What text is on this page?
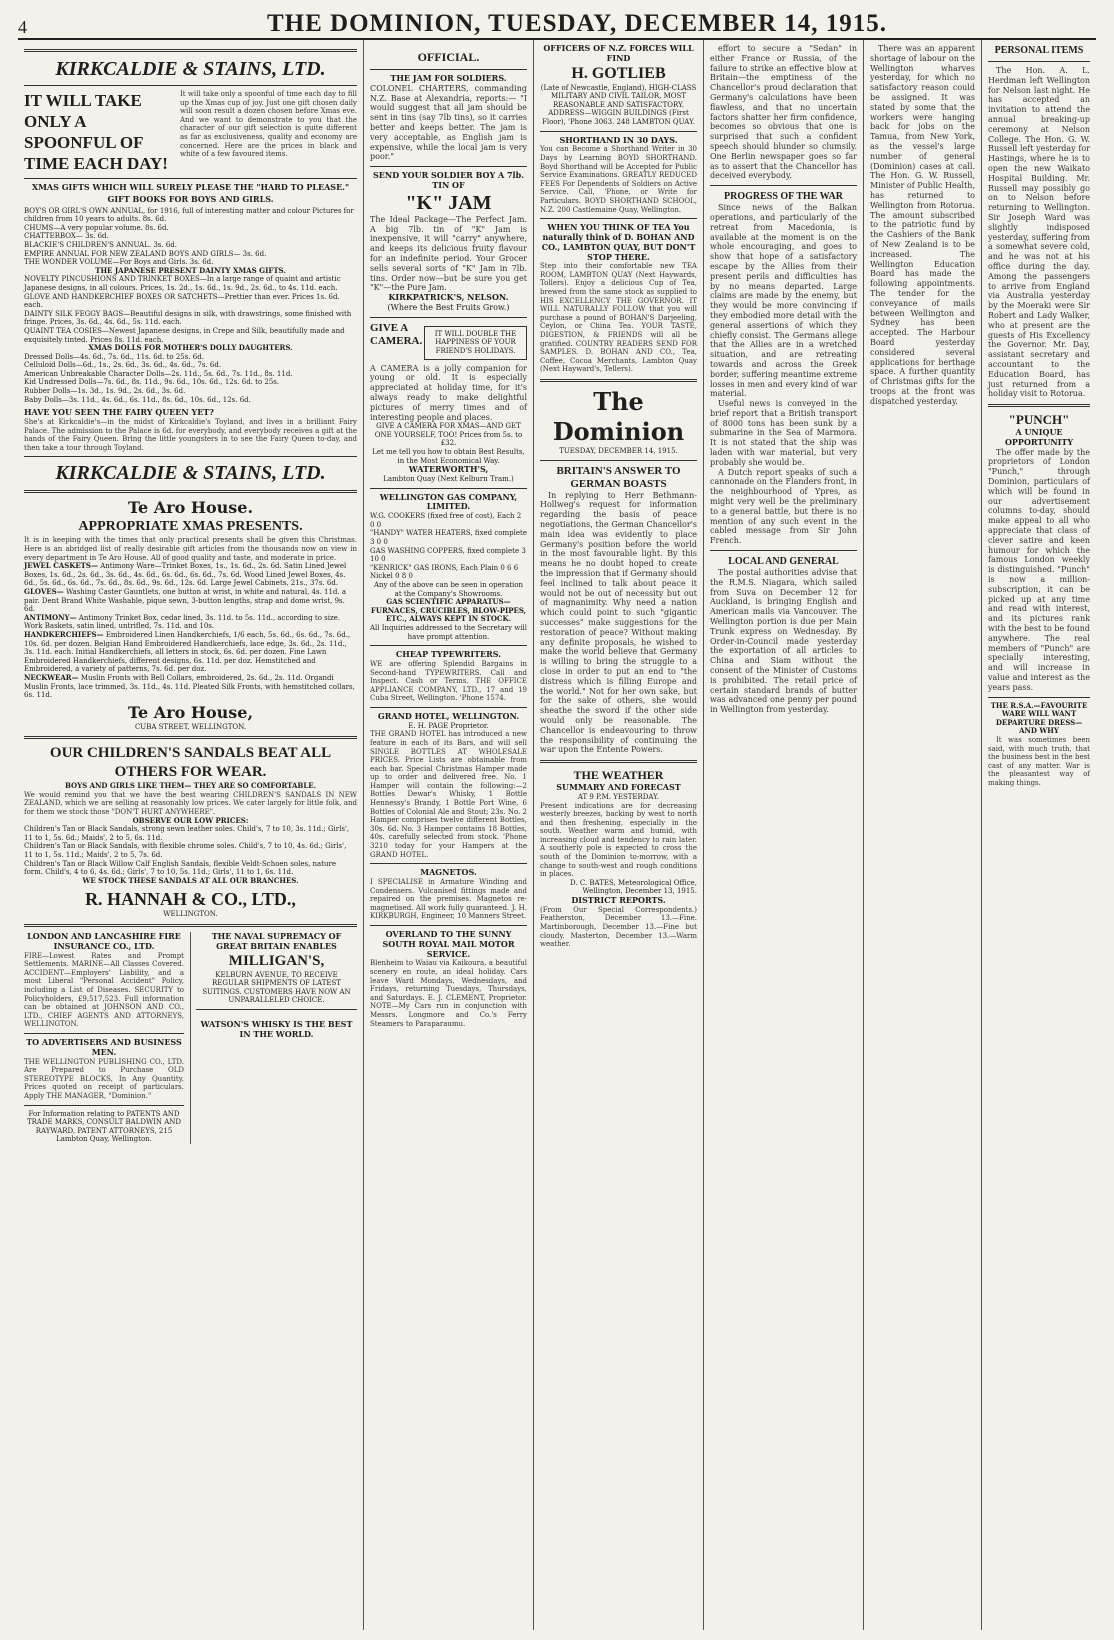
4	THE DOMINION, TUESDAY, DECEMBER 14, 1915.
KIRKCALDIE & STAINS, LTD.
IT WILL TAKE ONLY A SPOONFUL OF TIME EACH DAY!
It will take only a spoonful of time each day to fill up the Xmas cup of joy. Just one gift chosen daily will soon result a dozen chosen before Xmas eve. And we want to demonstrate to you that the character of our gift selection is quite different as far as exclusiveness, quality and economy are concerned. Here are the prices in black and white of a few favoured items.
XMAS GIFTS WHICH WILL SURELY PLEASE THE "HARD TO PLEASE."
GIFT BOOKS FOR BOYS AND GIRLS.
BOY'S OR GIRL'S OWN ANNUAL, for 1916, full of interesting matter and colour Pictures for children from 10 years to adults. 8s. 6d.
CHUMS—A very popular volume. 8s. 6d.
CHATTERBOX— 3s. 6d.
BLACKIE'S CHILDREN'S ANNUAL. 3s. 6d.
EMPIRE ANNUAL FOR NEW ZEALAND BOYS AND GIRLS— 3s. 6d.
THE WONDER VOLUME—For Boys and Girls. 3s. 6d.
THE JAPANESE PRESENT DAINTY XMAS GIFTS.
NOVELTY PINCUSHIONS AND TRINKET BOXES—In a large range of quaint and artistic Japanese designs, in all colours. Prices, 1s. 2d., 1s. 6d., 1s. 9d., 2s. 6d., to 4s. 11d. each.
GLOVE AND HANDKERCHIEF BOXES OR SATCHETS—Prettier than ever. Prices 1s. 6d. each.
DAINTY SILK FEGGY BAGS—Beautiful designs in silk, with drawstrings, some finished with fringe. Prices, 3s. 6d., 4s. 6d., 5s. 11d. each.
QUAINT TEA COSIES—Newest Japanese designs, in Crepe and Silk, beautifully made and exquisitely tinted. Prices 8s. 11d. each.
XMAS DOLLS FOR MOTHER'S DOLLY DAUGHTERS.
Dressed Dolls—4s. 6d., 7s. 6d., 11s. 6d. to 25s. 6d.
Celluloid Dolls—6d., 1s., 2s. 6d., 3s. 6d., 4s. 6d., 7s. 6d.
American Unbreakable Character Dolls—2s. 11d., 5s. 6d., 7s. 11d., 8s. 11d.
Kid Undressed Dolls—7s. 6d., 8s. 11d., 9s. 6d., 10s. 6d., 12s. 6d. to 25s.
Rubber Dolls—1s. 3d., 1s. 9d., 2s. 6d., 3s. 6d.
Baby Dolls—3s. 11d., 4s. 6d., 6s. 11d., 8s. 6d., 10s. 6d., 12s. 6d.
HAVE YOU SEEN THE FAIRY QUEEN YET?
She's at Kirkcaldie's—in the midst of Kirkcaldie's Toyland, and lives in a brilliant Fairy Palace. The admission to the Palace is 6d. for everybody, and everybody receives a gift at the hands of the Fairy Queen. Bring the little youngsters in to see the Fairy Queen to-day, and then take a tour through Toyland.
KIRKCALDIE & STAINS, LTD.
Te Aro House.
APPROPRIATE XMAS PRESENTS.
It is in keeping with the times that only practical presents shall be given this Christmas. Here is an abridged list of really desirable gift articles from the thousands now on view in every department in Te Aro House. All of good quality and taste, and moderate in price.
JEWEL CASKETS— Antimony Ware—Trinket Boxes, 1s., 1s. 6d., 2s. 6d. Satin Lined Jewel Boxes, 1s. 6d., 2s. 6d., 3s. 6d., 4s. 6d., 6s. 6d., 6s. 6d., 7s. 6d. Wood Lined Jewel Boxes, 4s. 6d., 5s. 6d., 6s. 6d., 7s. 6d., 8s. 6d., 9s. 6d., 12s. 6d. Large Jewel Cabinets, 21s., 37s. 6d.
GLOVES— Washing Caster Gauntlets, one button at wrist, in white and natural, 4s. 11d. a pair. Dent Brand White Washable, pique sewn, 3-button lengths, strap and dome wrist, 9s. 6d.
ANTIMONY— Antimony Trinket Box, cedar lined, 3s. 11d. to 5s. 11d., according to size. Work Baskets, satin lined, untrifled, 7s. 11d. and 10s.
HANDKERCHIEFS— Embroidered Linen Handkerchiefs, 1/6 each, 5s. 6d., 6s. 6d., 7s. 6d., 10s. 6d. per dozen. Belgian Hand Embroidered Handkerchiefs, lace edge, 3s. 6d., 2s. 11d., 3s. 11d. each. Initial Handkerchiefs, all letters in stock, 6s. 6d. per dozen. Fine Lawn Embroidered Handkerchiefs, different designs, 6s. 11d. per doz. Hemstitched and Embroidered, a variety of patterns, 7s. 6d. per doz.
NECKWEAR— Muslin Fronts with Bell Collars, embroidered, 2s. 6d., 2s. 11d. Organdi Muslin Fronts, lace trimmed, 3s. 11d., 4s. 11d. Pleated Silk Fronts, with hemstitched collars, 6s. 11d.
Te Aro House,
CUBA STREET, WELLINGTON.
OUR CHILDREN'S SANDALS BEAT ALL OTHERS FOR WEAR.
BOYS AND GIRLS LIKE THEM— THEY ARE SO COMFORTABLE.
We would remind you that we have the best wearing CHILDREN'S SANDALS IN NEW ZEALAND, which we are selling at reasonably low prices. We cater largely for little folk, and for them we stock those "DON'T HURT ANYWHERE".
OBSERVE OUR LOW PRICES:
Children's Tan or Black Sandals, strong sewn leather soles. Child's, 7 to 10, 3s. 11d.; Girls', 11 to 1, 5s. 6d.; Maids', 2 to 5, 6s. 11d.
Children's Tan or Black Sandals, with flexible chrome soles. Child's, 7 to 10, 4s. 6d.; Girls', 11 to 1, 5s. 11d.; Maids', 2 to 5, 7s. 6d.
Children's Tan or Black Willow Calf English Sandals, flexible Veldt-Schoen soles, nature form. Child's, 4 to 6, 4s. 6d.; Girls', 7 to 10, 5s. 11d.; Girls', 11 to 1, 6s. 11d.
WE STOCK THESE SANDALS AT ALL OUR BRANCHES.
R. HANNAH & CO., LTD.,
WELLINGTON.
LONDON AND LANCASHIRE FIRE INSURANCE CO., LTD.
FIRE—Lowest Rates and Prompt Settlements. MARINE—All Classes Covered. ACCIDENT—Employers' Liability, and a most Liberal "Personal Accident" Policy, including a List of Diseases. SECURITY to Policyholders, £9,517,523. Full information can be obtained at JOHNSON AND CO., LTD., CHIEF AGENTS AND ATTORNEYS, WELLINGTON.
TO ADVERTISERS AND BUSINESS MEN.
THE WELLINGTON PUBLISHING CO., LTD. Are Prepared to Purchase OLD STEREOTYPE BLOCKS, In Any Quantity. Prices quoted on receipt of particulars. Apply THE MANAGER, "Dominion."
For Information relating to PATENTS AND TRADE MARKS, CONSULT BALDWIN AND RAYWARD, PATENT ATTORNEYS, 215 Lambton Quay, Wellington.
THE NAVAL SUPREMACY OF GREAT BRITAIN ENABLES
MILLIGAN'S,
KELBURN AVENUE, TO RECEIVE REGULAR SHIPMENTS OF LATEST SUITINGS. CUSTOMERS HAVE NOW AN UNPARALLELED CHOICE.
WATSON'S WHISKY IS THE BEST IN THE WORLD.
OFFICIAL.
THE JAM FOR SOLDIERS.
COLONEL CHARTERS, commanding N.Z. Base at Alexandria, reports:— "I would suggest that all jam should be sent in tins (say 7lb tins), so it carries better and keeps better. The jam is very acceptable, as English jam is expensive, while the local jam is very poor."
SEND YOUR SOLDIER BOY A 7lb. TIN OF
"K" JAM
The Ideal Package—The Perfect Jam. A big 7lb. tin of "K" Jam is inexpensive, it will "carry" anywhere, and keeps its delicious fruity flavour for an indefinite period. Your Grocer sells several sorts of "K" Jam in 7lb. tins. Order now—but be sure you get "K"—the Pure Jam.
KIRKPATRICK'S, NELSON.
(Where the Best Fruits Grow.)
GIVE A CAMERA.
IT WILL DOUBLE THE HAPPINESS OF YOUR FRIEND'S HOLIDAYS.
A CAMERA is a jolly companion for young or old. It is especially appreciated at holiday time, for it's always ready to make delightful pictures of merry times and of interesting people and places.
GIVE A CAMERA FOR XMAS—AND GET ONE YOURSELF, TOO! Prices from 5s. to £32.
Let me tell you how to obtain Best Results, in the Most Economical Way.
WATERWORTH'S,
Lambton Quay (Next Kelburn Tram.)
WELLINGTON GAS COMPANY, LIMITED.
W.G. COOKERS (fixed free of cost), Each 2 0 0
"HANDY" WATER HEATERS, fixed complete 3 0 0
GAS WASHING COPPERS, fixed complete 3 10 0
"KENRICK" GAS IRONS, Each Plain 0 6 6 Nickel 0 8 0
Any of the above can be seen in operation at the Company's Showrooms.
GAS SCIENTIFIC APPARATUS—FURNACES, CRUCIBLES, BLOW-PIPES, ETC., ALWAYS KEPT IN STOCK.
All Inquiries addressed to the Secretary will have prompt attention.
CHEAP TYPEWRITERS.
WE are offering Splendid Bargains in Second-hand TYPEWRITERS. Call and Inspect. Cash or Terms. THE OFFICE APPLIANCE COMPANY, LTD., 17 and 19 Cuba Street, Wellington. 'Phone 1574.
GRAND HOTEL, WELLINGTON.
E. H. PAGE Proprietor.
THE GRAND HOTEL has introduced a new feature in each of its Bars, and will sell SINGLE BOTTLES AT WHOLESALE PRICES. Price Lists are obtainable from each bar. Special Christmas Hamper made up to order and delivered free. No. 1 Hamper will contain the following:—2 Bottles Dewar's Whisky, 1 Bottle Hennessy's Brandy, 1 Bottle Port Wine, 6 Bottles of Colonial Ale and Stout; 23s. No. 2 Hamper comprises twelve different Bottles, 30s. 6d. No. 3 Hamper contains 18 Bottles, 40s. carefully selected from stock. 'Phone 3210 today for your Hampers at the GRAND HOTEL.
MAGNETOS.
I SPECIALISE in Armature Winding and Condensers. Vulcanised fittings made and repaired on the premises. Magnetos re-magnetised. All work fully guaranteed. J. H. KIRKBURGH, Engineer, 10 Manners Street.
OVERLAND TO THE SUNNY SOUTH ROYAL MAIL MOTOR SERVICE.
Blenheim to Waiau via Kaikoura, a beautiful scenery en route, an ideal holiday. Cars leave Ward Mondays, Wednesdays, and Fridays, returning Tuesdays, Thursdays, and Saturdays. E. J. CLEMENT, Proprietor. NOTE—My Cars run in conjunction with Messrs. Longmore and Co.'s Ferry Steamers to Paraparaumu.
OFFICERS OF N.Z. FORCES WILL FIND
H. GOTLIEB
(Late of Newcastle, England), HIGH-CLASS MILITARY AND CIVIL TAILOR, MOST REASONABLE AND SATISFACTORY. ADDRESS—WIGGIN BUILDINGS (First Floor), 'Phone 3063. 248 LAMBTON QUAY.
SHORTHAND IN 30 DAYS.
You can Become a Shorthand Writer in 30 Days by Learning BOYD SHORTHAND. Boyd Shorthand will be Accepted for Public Service Examinations. GREATLY REDUCED FEES For Dependents of Soldiers on Active Service. Call, 'Phone, or Write for Particulars. BOYD SHORTHAND SCHOOL, N.Z. 200 Castlemaine Quay, Wellington.
WHEN YOU THINK OF TEA You naturally think of D. BOHAN AND CO., LAMBTON QUAY, BUT DON'T STOP THERE.
Step into their comfortable new TEA ROOM, LAMBTON QUAY (Next Haywards, Tollers). Enjoy a delicious Cup of Tea, brewed from the same stock as supplied to HIS EXCELLENCY THE GOVERNOR. IT WILL NATURALLY FOLLOW that you will purchase a pound of BOHAN'S Darjeeling, Ceylon, or China Tea. YOUR TASTE, DIGESTION, & FRIENDS will all be gratified. COUNTRY READERS SEND FOR SAMPLES. D. BOHAN AND CO., Tea, Coffee, Cocoa Merchants, Lambton Quay (Next Hayward's, Tellers).
The Dominion
TUESDAY, DECEMBER 14, 1915.
BRITAIN'S ANSWER TO GERMAN BOASTS
In replying to Herr Bethmann-Hollweg's request for information regarding the basis of peace negotiations, the German Chancellor's main idea was evidently to place Germany's position before the world in the most favourable light. By this means he no doubt hoped to create the impression that if Germany should feel inclined to talk about peace it would not be out of necessity but out of magnanimity. Why need a nation which could point to such "gigantic successes" make suggestions for the restoration of peace? Without making any definite proposals, he wished to make the world believe that Germany is willing to bring the struggle to a close in order to put an end to "the distress which is filling Europe and the world." Not for her own sake, but for the sake of others, she would sheathe the sword if the other side would only be reasonable. The Chancellor is endeavouring to throw the responsibility of continuing the war upon the Entente Powers.
THE WEATHER
SUMMARY AND FORECAST
AT 9 P.M. YESTERDAY.
Present indications are for decreasing westerly breezes, backing by west to north and then freshening, especially in the south. Weather warm and humid, with increasing cloud and tendency to rain later. A southerly pole is expected to cross the south of the Dominion to-morrow, with a change to south-west and rough conditions in places.
D. C. BATES, Meteorological Office, Wellington, December 13, 1915.
DISTRICT REPORTS.
(From Our Special Correspondents.) Featherston, December 13.—Fine. Martinborough, December 13.—Fine but cloudy. Masterton, December 13.—Warm weather.
effort to secure a "Sedan" in either France or Russia, of the failure to strike an effective blow at Britain—the emptiness of the Chancellor's proud declaration that Germany's calculations have been flawless, and that no uncertain factors shatter her firm confidence, becomes so obvious that one is surprised that such a confident speech should blunder so clumsily. One Berlin newspaper goes so far as to assert that the Chancellor has deceived everybody.
PROGRESS OF THE WAR
Since news of the Balkan operations, and particularly of the retreat from Macedonia, is available at the moment is on the whole encouraging, and goes to show that hope of a satisfactory escape by the Allies from their present perils and difficulties has by no means departed. Large claims are made by the enemy, but they would be more convincing if they embodied more detail with the general assertions of which they chiefly consist. The Germans allege that the Allies are in a wretched situation, and are retreating towards and across the Greek border, suffering meantime extreme losses in men and every kind of war material.
Useful news is conveyed in the brief report that a British transport of 8000 tons has been sunk by a submarine in the Sea of Marmora. It is not stated that the ship was laden with war material, but very probably she would be.
A Dutch report speaks of such a cannonade on the Flanders front, in the neighbourhood of Ypres, as might very well be the preliminary to a general battle, but there is no mention of any such event in the cabled message from Sir John French.
LOCAL AND GENERAL
The postal authorities advise that the R.M.S. Niagara, which sailed from Suva on December 12 for Auckland, is bringing English and American mails via Vancouver. The Wellington portion is due per Main Trunk express on Wednesday. By Order-in-Council made yesterday the exportation of all articles to China and Siam without the consent of the Minister of Customs is prohibited. The retail price of certain standard brands of butter was advanced one penny per pound in Wellington from yesterday.
There was an apparent shortage of labour on the Wellington wharves yesterday, for which no satisfactory reason could be assigned. It was stated by some that the workers were hanging back for jobs on the Tamua, from New York, as the vessel's large number of general (Dominion) cases at call. The Hon. G. W. Russell, Minister of Public Health, has returned to Wellington from Rotorua. The amount subscribed to the patriotic fund by the Cashiers of the Bank of New Zealand is to be increased. The Wellington Education Board has made the following appointments. The tender for the conveyance of mails between Wellington and Sydney has been accepted. The Harbour Board yesterday considered several applications for berthage space. A further quantity of Christmas gifts for the troops at the front was dispatched yesterday.
PERSONAL ITEMS
The Hon. A. L. Herdman left Wellington for Nelson last night. He has accepted an invitation to attend the annual breaking-up ceremony at Nelson College. The Hon. G. W. Russell left yesterday for Hastings, where he is to open the new Waikato Hospital Building. Mr. Russell may possibly go on to Nelson before returning to Wellington. Sir Joseph Ward was slightly indisposed yesterday, suffering from a somewhat severe cold, and he was not at his office during the day. Among the passengers to arrive from England via Australia yesterday by the Moeraki were Sir Robert and Lady Walker, who at present are the guests of His Excellency the Governor. Mr. Day, assistant secretary and accountant to the Education Board, has just returned from a holiday visit to Rotorua.
"PUNCH"
A UNIQUE OPPORTUNITY
The offer made by the proprietors of London "Punch," through Dominion, particulars of which will be found in our advertisement columns to-day, should make appeal to all who appreciate that class of clever satire and keen humour for which the famous London weekly is distinguished. "Punch" is now a million-subscription, it can be picked up at any time and read with interest, and its pictures rank with the best to be found anywhere. The real members of "Punch" are specially interesting, and will increase in value and interest as the years pass.
THE R.S.A.—FAVOURITE WARE WILL WANT DEPARTURE DRESS—AND WHY
It was sometimes been said, with much truth, that the business best in the best cast of any matter. War is the pleasantest way of making things.
